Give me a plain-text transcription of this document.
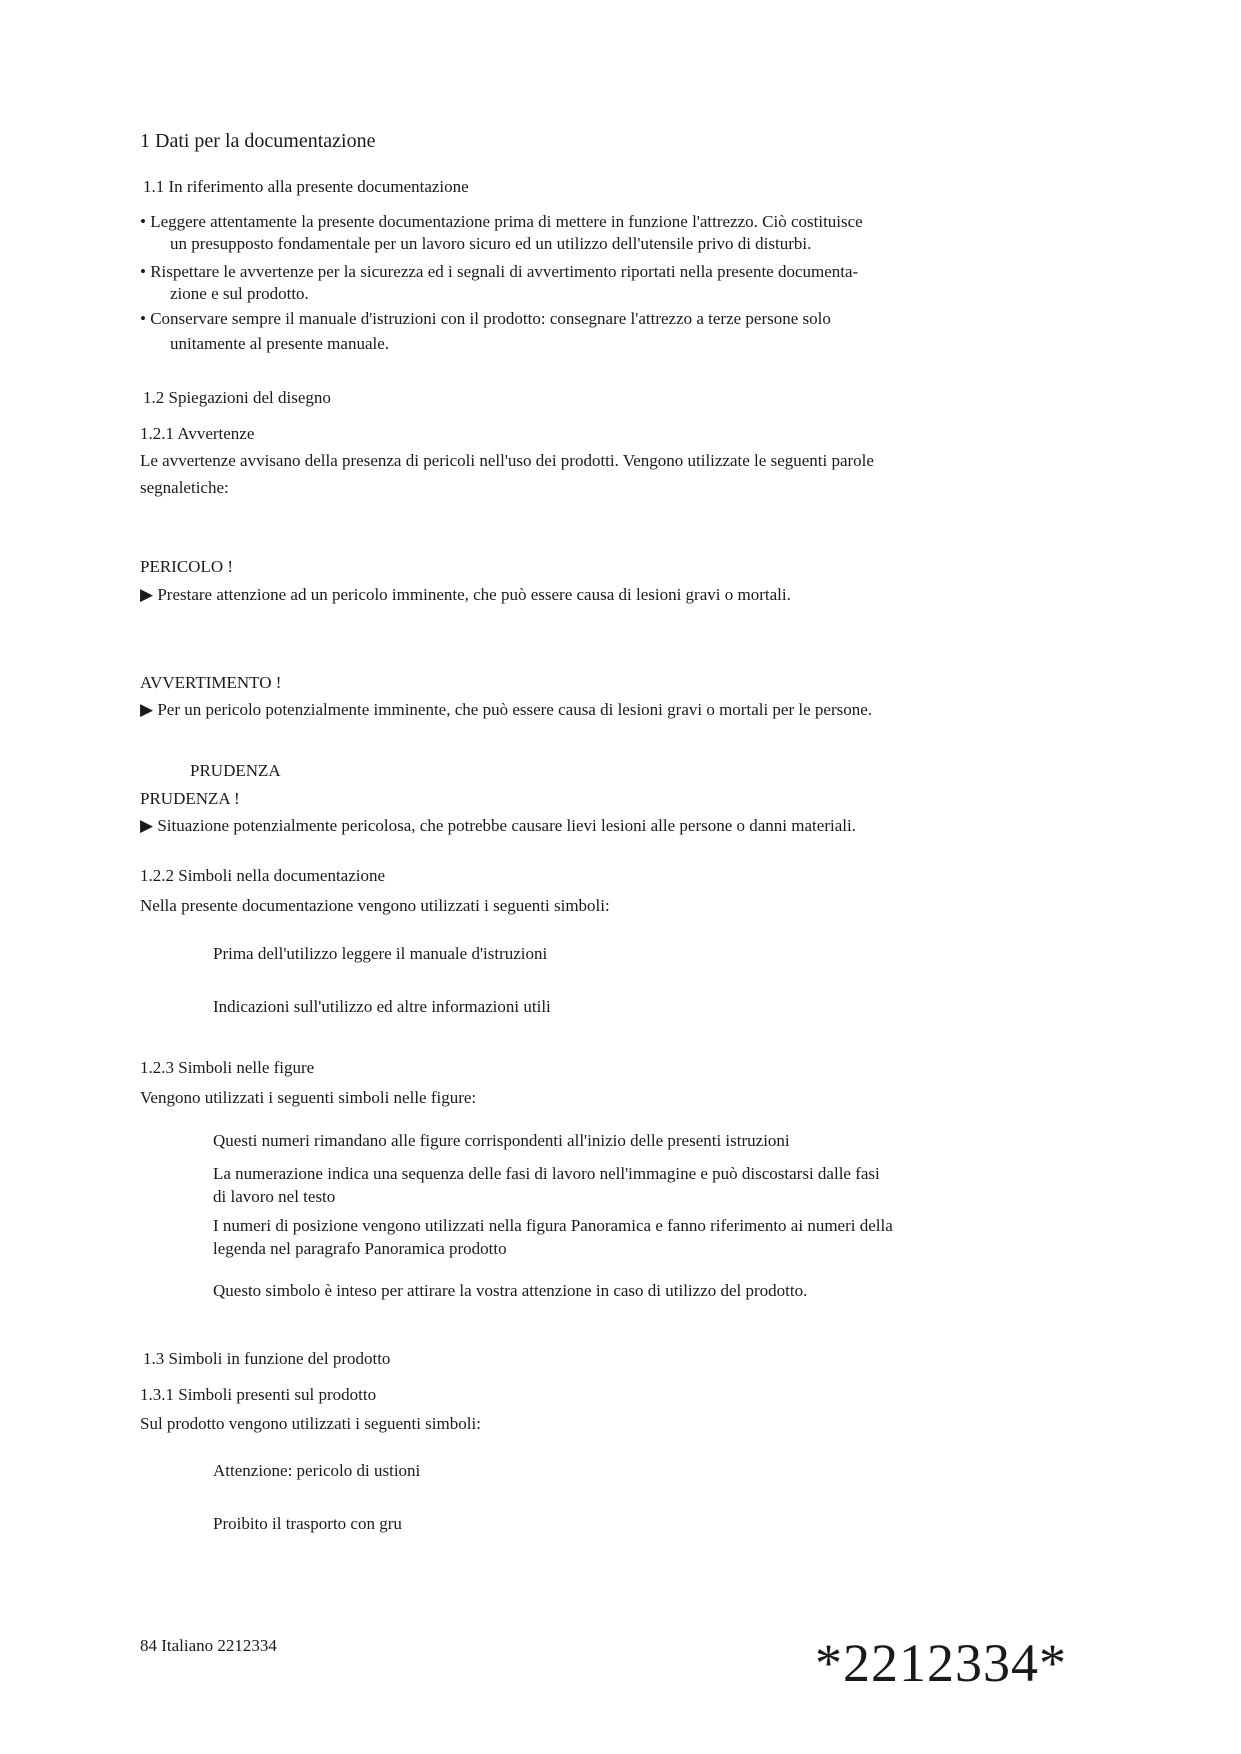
1 Dati per la documentazione
1.1 In riferimento alla presente documentazione
• Leggere attentamente la presente documentazione prima di mettere in funzione l'attrezzo. Ciò costituisce
un presupposto fondamentale per un lavoro sicuro ed un utilizzo dell'utensile privo di disturbi.
• Rispettare le avvertenze per la sicurezza ed i segnali di avvertimento riportati nella presente documenta-
zione e sul prodotto.
• Conservare sempre il manuale d'istruzioni con il prodotto: consegnare l'attrezzo a terze persone solo
unitamente al presente manuale.
1.2 Spiegazioni del disegno
1.2.1 Avvertenze
Le avvertenze avvisano della presenza di pericoli nell'uso dei prodotti. Vengono utilizzate le seguenti parole
segnaletiche:
PERICOLO !
▶ Prestare attenzione ad un pericolo imminente, che può essere causa di lesioni gravi o mortali.
AVVERTIMENTO !
▶ Per un pericolo potenzialmente imminente, che può essere causa di lesioni gravi o mortali per le persone.
PRUDENZA
PRUDENZA !
▶ Situazione potenzialmente pericolosa, che potrebbe causare lievi lesioni alle persone o danni materiali.
1.2.2 Simboli nella documentazione
Nella presente documentazione vengono utilizzati i seguenti simboli:
Prima dell'utilizzo leggere il manuale d'istruzioni
Indicazioni sull'utilizzo ed altre informazioni utili
1.2.3 Simboli nelle figure
Vengono utilizzati i seguenti simboli nelle figure:
Questi numeri rimandano alle figure corrispondenti all'inizio delle presenti istruzioni
La numerazione indica una sequenza delle fasi di lavoro nell'immagine e può discostarsi dalle fasi
di lavoro nel testo
I numeri di posizione vengono utilizzati nella figura Panoramica e fanno riferimento ai numeri della
legenda nel paragrafo Panoramica prodotto
Questo simbolo è inteso per attirare la vostra attenzione in caso di utilizzo del prodotto.
1.3 Simboli in funzione del prodotto
1.3.1 Simboli presenti sul prodotto
Sul prodotto vengono utilizzati i seguenti simboli:
Attenzione: pericolo di ustioni
Proibito il trasporto con gru
84 Italiano 2212334	*2212334*
